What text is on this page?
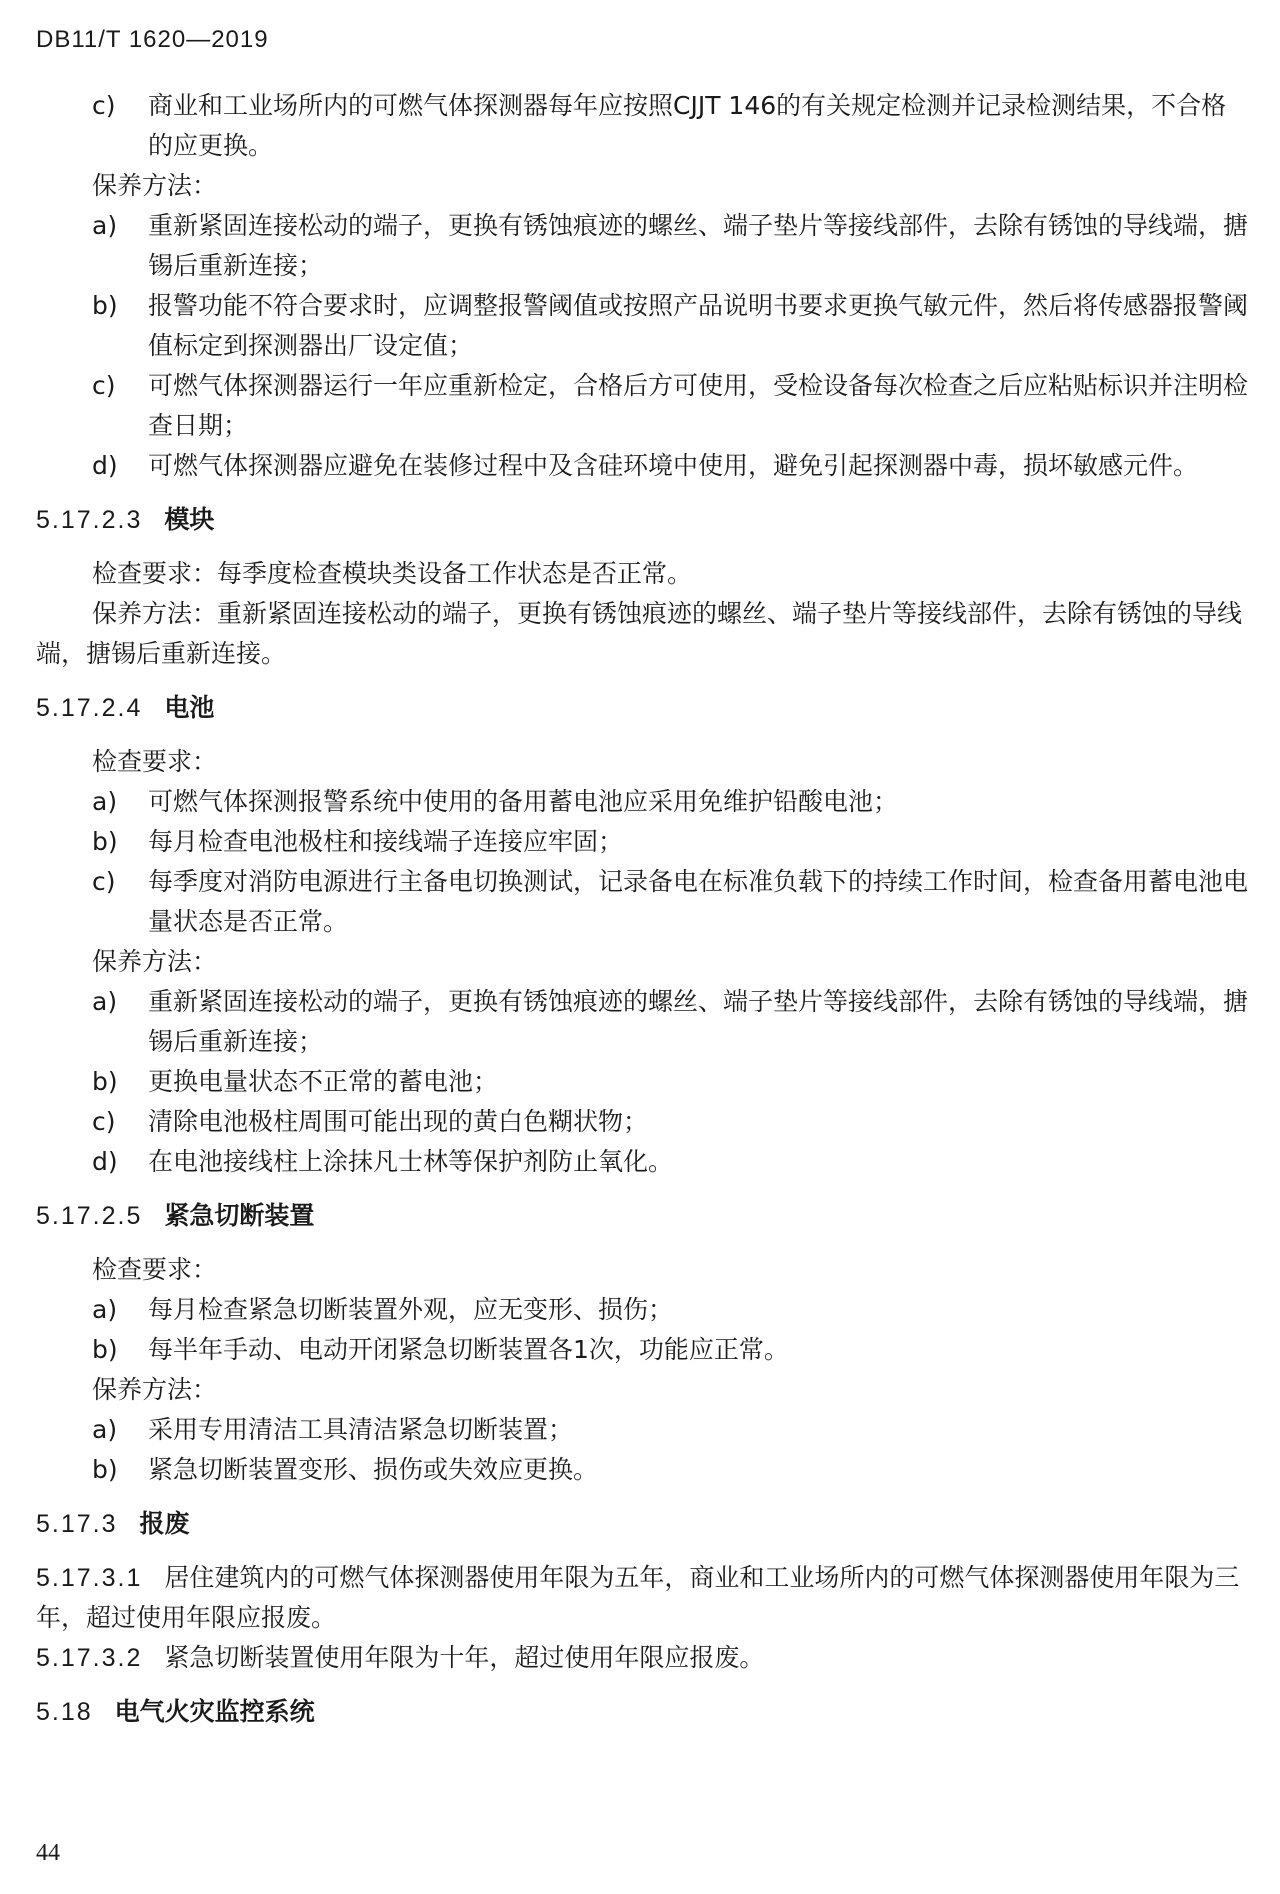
DB11/T 1620—2019
c) 商业和工业场所内的可燃气体探测器每年应按照CJJT 146的有关规定检测并记录检测结果，不合格的应更换。
保养方法：
a) 重新紧固连接松动的端子，更换有锈蚀痕迹的螺丝、端子垫片等接线部件，去除有锈蚀的导线端，搪锡后重新连接；
b) 报警功能不符合要求时，应调整报警阈值或按照产品说明书要求更换气敏元件，然后将传感器报警阈值标定到探测器出厂设定值；
c) 可燃气体探测器运行一年应重新检定，合格后方可使用，受检设备每次检查之后应粘贴标识并注明检查日期；
d) 可燃气体探测器应避免在装修过程中及含硅环境中使用，避免引起探测器中毒，损坏敏感元件。
5.17.2.3 模块
检查要求：每季度检查模块类设备工作状态是否正常。
保养方法：重新紧固连接松动的端子，更换有锈蚀痕迹的螺丝、端子垫片等接线部件，去除有锈蚀的导线端，搪锡后重新连接。
5.17.2.4 电池
检查要求：
a) 可燃气体探测报警系统中使用的备用蓄电池应采用免维护铅酸电池；
b) 每月检查电池极柱和接线端子连接应牢固；
c) 每季度对消防电源进行主备电切换测试，记录备电在标准负载下的持续工作时间，检查备用蓄电池电量状态是否正常。
保养方法：
a) 重新紧固连接松动的端子，更换有锈蚀痕迹的螺丝、端子垫片等接线部件，去除有锈蚀的导线端，搪锡后重新连接；
b) 更换电量状态不正常的蓄电池；
c) 清除电池极柱周围可能出现的黄白色糊状物；
d) 在电池接线柱上涂抹凡士林等保护剂防止氧化。
5.17.2.5 紧急切断装置
检查要求：
a) 每月检查紧急切断装置外观，应无变形、损伤；
b) 每半年手动、电动开闭紧急切断装置各1次，功能应正常。
保养方法：
a) 采用专用清洁工具清洁紧急切断装置；
b) 紧急切断装置变形、损伤或失效应更换。
5.17.3 报废
5.17.3.1 居住建筑内的可燃气体探测器使用年限为五年，商业和工业场所内的可燃气体探测器使用年限为三年，超过使用年限应报废。
5.17.3.2 紧急切断装置使用年限为十年，超过使用年限应报废。
5.18 电气火灾监控系统
44
